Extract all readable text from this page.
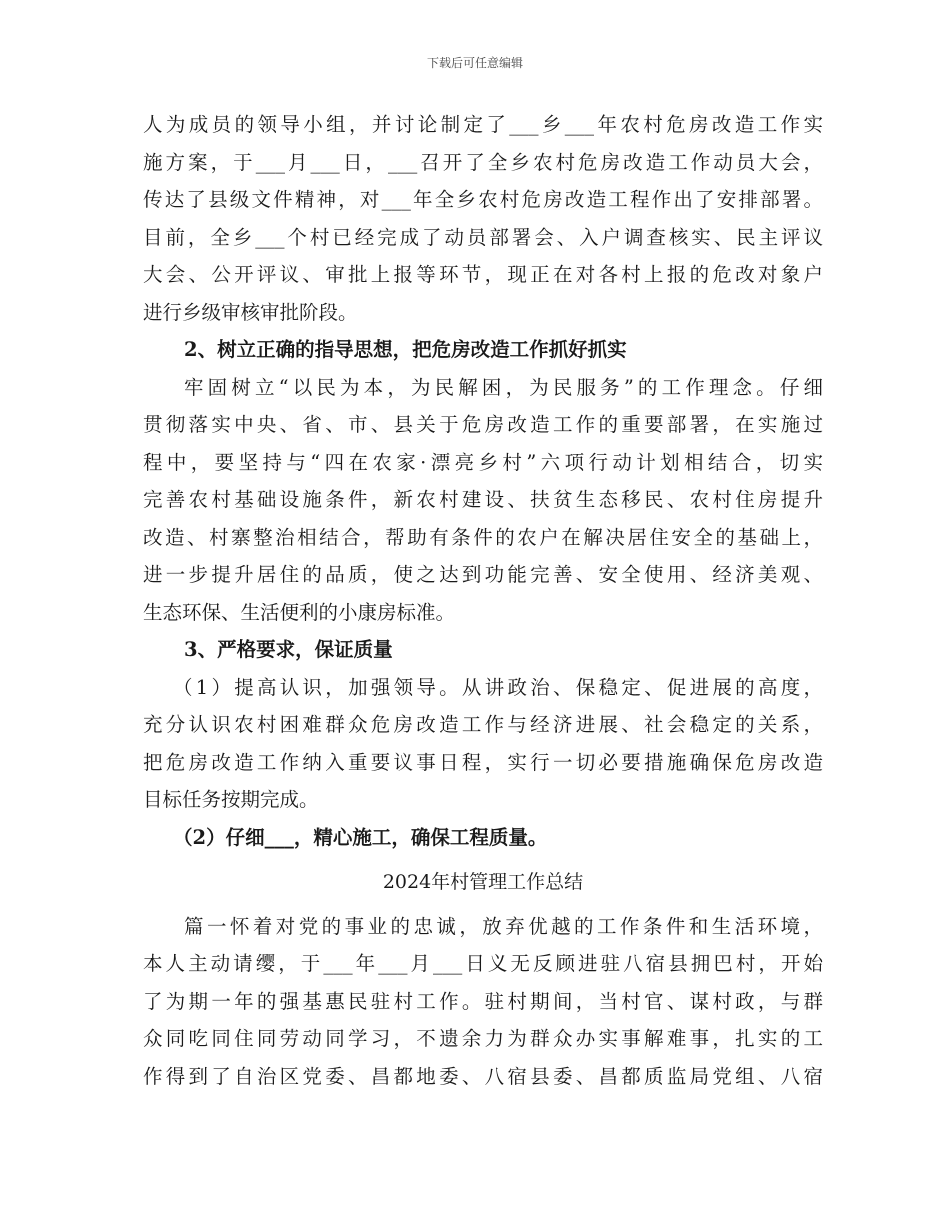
下载后可任意编辑

人为成员的领导小组，并讨论制定了___乡___年农村危房改造工作实

施方案，于___月___日，___召开了全乡农村危房改造工作动员大会，

传达了县级文件精神，对___年全乡农村危房改造工程作出了安排部署。

目前，全乡___个村已经完成了动员部署会、入户调查核实、民主评议

大会、公开评议、审批上报等环节，现正在对各村上报的危改对象户

进行乡级审核审批阶段。

2、树立正确的指导思想，把危房改造工作抓好抓实

牢固树立“以民为本，为民解困，为民服务”的工作理念。仔细

贯彻落实中央、省、市、县关于危房改造工作的重要部署，在实施过

程中，要坚持与“四在农家·漂亮乡村”六项行动计划相结合，切实

完善农村基础设施条件，新农村建设、扶贫生态移民、农村住房提升

改造、村寨整治相结合，帮助有条件的农户在解决居住安全的基础上，

进一步提升居住的品质，使之达到功能完善、安全使用、经济美观、

生态环保、生活便利的小康房标准。

3、严格要求，保证质量

（1）提高认识，加强领导。从讲政治、保稳定、促进展的高度，

充分认识农村困难群众危房改造工作与经济进展、社会稳定的关系，

把危房改造工作纳入重要议事日程，实行一切必要措施确保危房改造

目标任务按期完成。

（2）仔细___，精心施工，确保工程质量。

2024年村管理工作总结

篇一怀着对党的事业的忠诚，放弃优越的工作条件和生活环境，

本人主动请缨，于___年___月___日义无反顾进驻八宿县拥巴村，开始

了为期一年的强基惠民驻村工作。驻村期间，当村官、谋村政，与群

众同吃同住同劳动同学习，不遗余力为群众办实事解难事，扎实的工

作得到了自治区党委、昌都地委、八宿县委、昌都质监局党组、八宿
